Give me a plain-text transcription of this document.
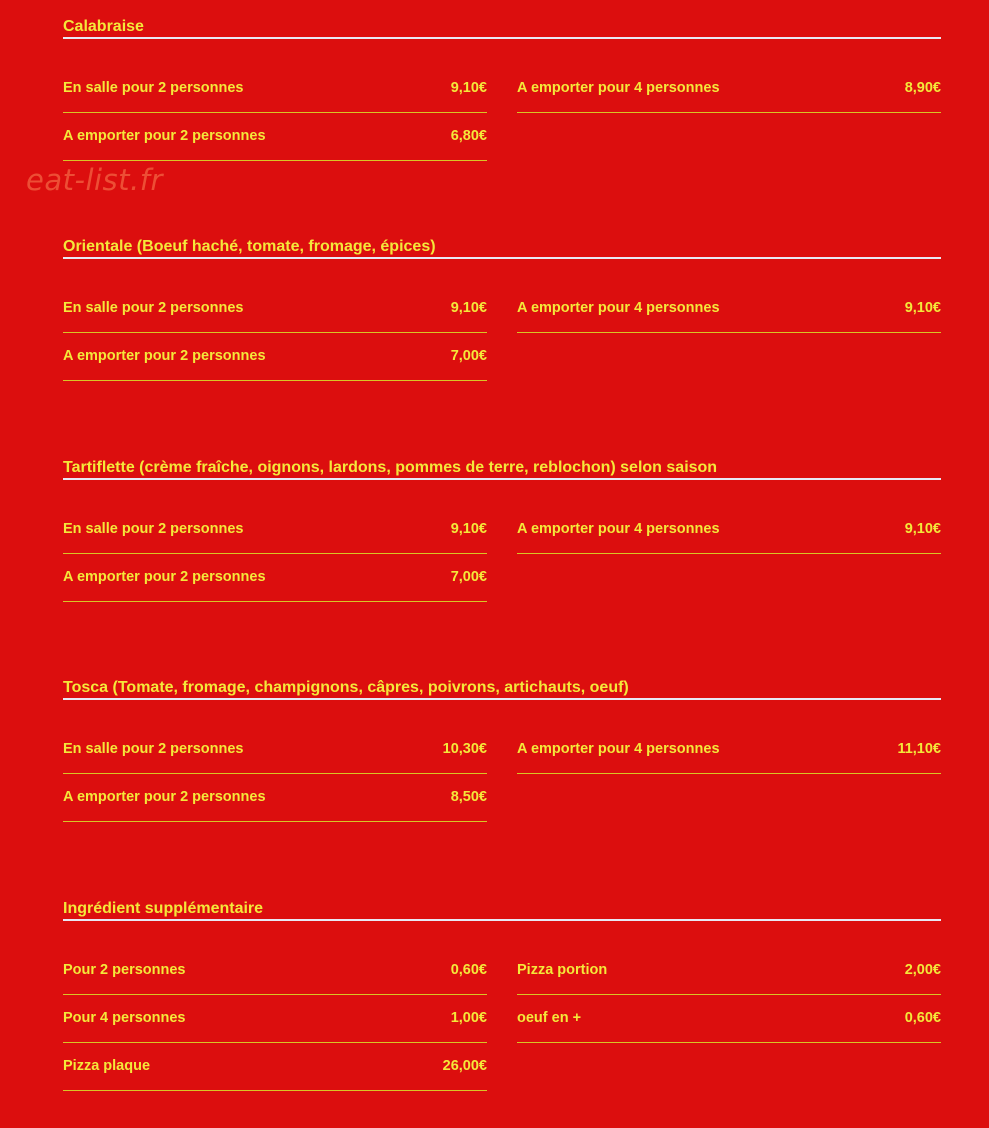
eat-list.fr
Calabraise
En salle pour 2 personnes	9,10€
A emporter pour 2 personnes	6,80€
A emporter pour 4 personnes	8,90€
Orientale (Boeuf haché, tomate, fromage, épices)
En salle pour 2 personnes	9,10€
A emporter pour 2 personnes	7,00€
A emporter pour 4 personnes	9,10€
Tartiflette (crème fraîche, oignons, lardons, pommes de terre, reblochon) selon saison
En salle pour 2 personnes	9,10€
A emporter pour 2 personnes	7,00€
A emporter pour 4 personnes	9,10€
Tosca (Tomate, fromage, champignons, câpres, poivrons, artichauts, oeuf)
En salle pour 2 personnes	10,30€
A emporter pour 2 personnes	8,50€
A emporter pour 4 personnes	11,10€
Ingrédient supplémentaire
Pour 2 personnes	0,60€
Pour 4 personnes	1,00€
Pizza plaque	26,00€
Pizza portion	2,00€
oeuf en +	0,60€
